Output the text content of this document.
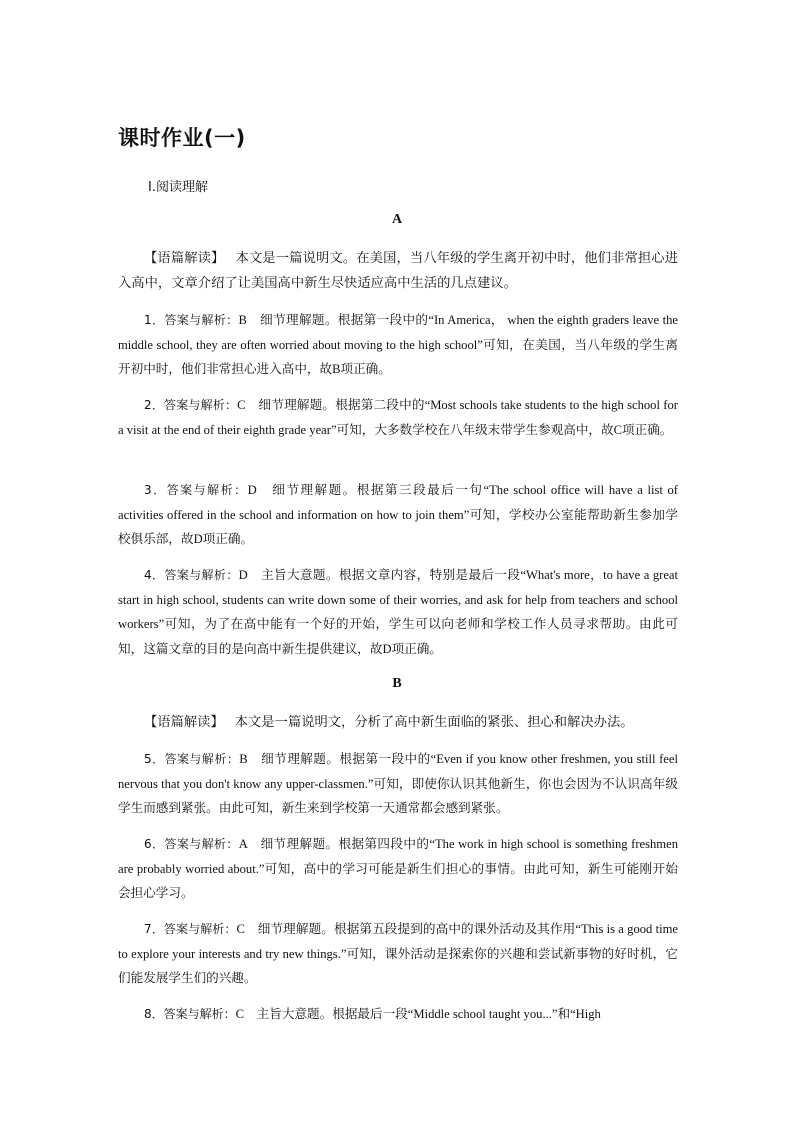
课时作业(一)
Ⅰ.阅读理解
A
【语篇解读】　 本文是一篇说明文。在美国，当八年级的学生离开初中时，他们非常担心进入高中，文章介绍了让美国高中新生尽快适应高中生活的几点建议。
1．答案与解析：B　细节理解题。根据第一段中的“In America， when the eighth graders leave the middle school, they are often worried about moving to the high school”可知，在美国，当八年级的学生离开初中时，他们非常担心进入高中，故B项正确。
2．答案与解析：C　细节理解题。根据第二段中的“Most schools take students to the high school for a visit at the end of their eighth grade year”可知，大多数学校在八年级末带学生参观高中，故C项正确。
3．答案与解析：D　细节理解题。根据第三段最后一句“The school office will have a list of activities offered in the school and information on how to join them”可知，学校办公室能帮助新生参加学校俱乐部，故D项正确。
4．答案与解析：D　主旨大意题。根据文章内容，特别是最后一段“What's more，to have a great start in high school, students can write down some of their worries, and ask for help from teachers and school workers”可知，为了在高中能有一个好的开始，学生可以向老师和学校工作人员寻求帮助。由此可知，这篇文章的目的是向高中新生提供建议，故D项正确。
B
【语篇解读】　 本文是一篇说明文，分析了高中新生面临的紧张、担心和解决办法。
5．答案与解析：B　细节理解题。根据第一段中的“Even if you know other freshmen, you still feel nervous that you don't know any upper-classmen.”可知，即使你认识其他新生，你也会因为不认识高年级学生而感到紧张。由此可知，新生来到学校第一天通常都会感到紧张。
6．答案与解析：A　细节理解题。根据第四段中的“The work in high school is something freshmen are probably worried about.”可知，高中的学习可能是新生们担心的事情。由此可知，新生可能刚开始会担心学习。
7．答案与解析：C　细节理解题。根据第五段提到的高中的课外活动及其作用“This is a good time to explore your interests and try new things.”可知，课外活动是探索你的兴趣和尝试新事物的好时机，它们能发展学生们的兴趣。
8．答案与解析：C　主旨大意题。根据最后一段“Middle school taught you...”和“High
